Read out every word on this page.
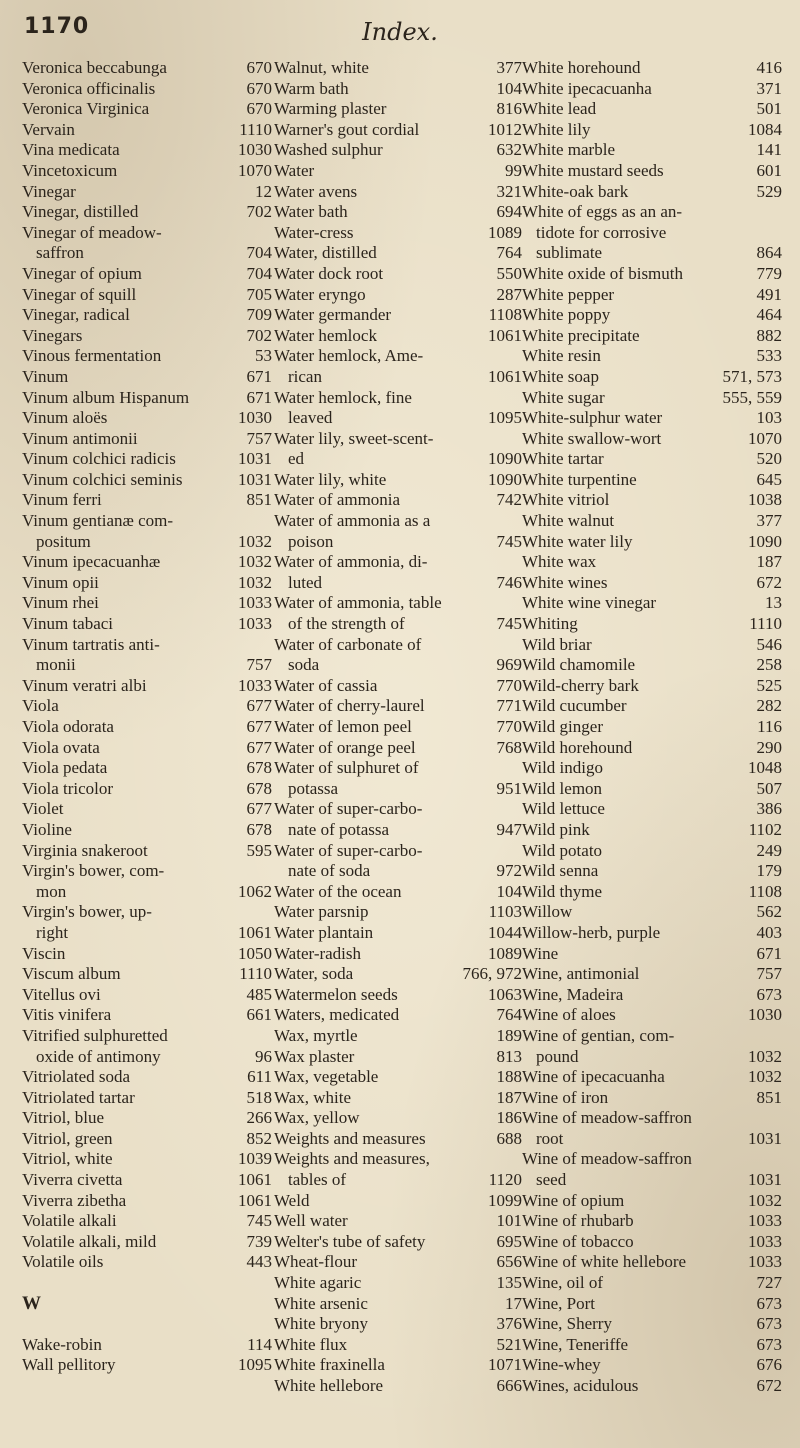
1170	Index.
Veronica beccabunga	670
Veronica officinalis	670
Veronica Virginica	670
Vervain	1110
Vina medicata	1030
Vincetoxicum	1070
Vinegar	12
Vinegar, distilled	702
Vinegar of meadow-
saffron	704
Vinegar of opium	704
Vinegar of squill	705
Vinegar, radical	709
Vinegars	702
Vinous fermentation	53
Vinum	671
Vinum album Hispanum	671
Vinum aloës	1030
Vinum antimonii	757
Vinum colchici radicis	1031
Vinum colchici seminis	1031
Vinum ferri	851
Vinum gentianæ com-
positum	1032
Vinum ipecacuanhæ	1032
Vinum opii	1032
Vinum rhei	1033
Vinum tabaci	1033
Vinum tartratis anti-
monii	757
Vinum veratri albi	1033
Viola	677
Viola odorata	677
Viola ovata	677
Viola pedata	678
Viola tricolor	678
Violet	677
Violine	678
Virginia snakeroot	595
Virgin's bower, com-
mon	1062
Virgin's bower, up-
right	1061
Viscin	1050
Viscum album	1110
Vitellus ovi	485
Vitis vinifera	661
Vitrified sulphuretted
oxide of antimony	96
Vitriolated soda	611
Vitriolated tartar	518
Vitriol, blue	266
Vitriol, green	852
Vitriol, white	1039
Viverra civetta	1061
Viverra zibetha	1061
Volatile alkali	745
Volatile alkali, mild	739
Volatile oils	443
W
Wake-robin	114
Wall pellitory	1095
Walnut, white	377
Warm bath	104
Warming plaster	816
Warner's gout cordial	1012
Washed sulphur	632
Water	99
Water avens	321
Water bath	694
Water-cress	1089
Water, distilled	764
Water dock root	550
Water eryngo	287
Water germander	1108
Water hemlock	1061
Water hemlock, Ame-
rican	1061
Water hemlock, fine
leaved	1095
Water lily, sweet-scent-
ed	1090
Water lily, white	1090
Water of ammonia	742
Water of ammonia as a
poison	745
Water of ammonia, di-
luted	746
Water of ammonia, table
of the strength of	745
Water of carbonate of
soda	969
Water of cassia	770
Water of cherry-laurel	771
Water of lemon peel	770
Water of orange peel	768
Water of sulphuret of
potassa	951
Water of super-carbo-
nate of potassa	947
Water of super-carbo-
nate of soda	972
Water of the ocean	104
Water parsnip	1103
Water plantain	1044
Water-radish	1089
Water, soda	766, 972
Watermelon seeds	1063
Waters, medicated	764
Wax, myrtle	189
Wax plaster	813
Wax, vegetable	188
Wax, white	187
Wax, yellow	186
Weights and measures	688
Weights and measures,
tables of	1120
Weld	1099
Well water	101
Welter's tube of safety	695
Wheat-flour	656
White agaric	135
White arsenic	17
White bryony	376
White flux	521
White fraxinella	1071
White hellebore	666
White horehound	416
White ipecacuanha	371
White lead	501
White lily	1084
White marble	141
White mustard seeds	601
White-oak bark	529
White of eggs as an an-
tidote for corrosive
sublimate	864
White oxide of bismuth	779
White pepper	491
White poppy	464
White precipitate	882
White resin	533
White soap	571, 573
White sugar	555, 559
White-sulphur water	103
White swallow-wort	1070
White tartar	520
White turpentine	645
White vitriol	1038
White walnut	377
White water lily	1090
White wax	187
White wines	672
White wine vinegar	13
Whiting	1110
Wild briar	546
Wild chamomile	258
Wild-cherry bark	525
Wild cucumber	282
Wild ginger	116
Wild horehound	290
Wild indigo	1048
Wild lemon	507
Wild lettuce	386
Wild pink	1102
Wild potato	249
Wild senna	179
Wild thyme	1108
Willow	562
Willow-herb, purple	403
Wine	671
Wine, antimonial	757
Wine, Madeira	673
Wine of aloes	1030
Wine of gentian, com-
pound	1032
Wine of ipecacuanha	1032
Wine of iron	851
Wine of meadow-saffron
root	1031
Wine of meadow-saffron
seed	1031
Wine of opium	1032
Wine of rhubarb	1033
Wine of tobacco	1033
Wine of white hellebore	1033
Wine, oil of	727
Wine, Port	673
Wine, Sherry	673
Wine, Teneriffe	673
Wine-whey	676
Wines, acidulous	672
